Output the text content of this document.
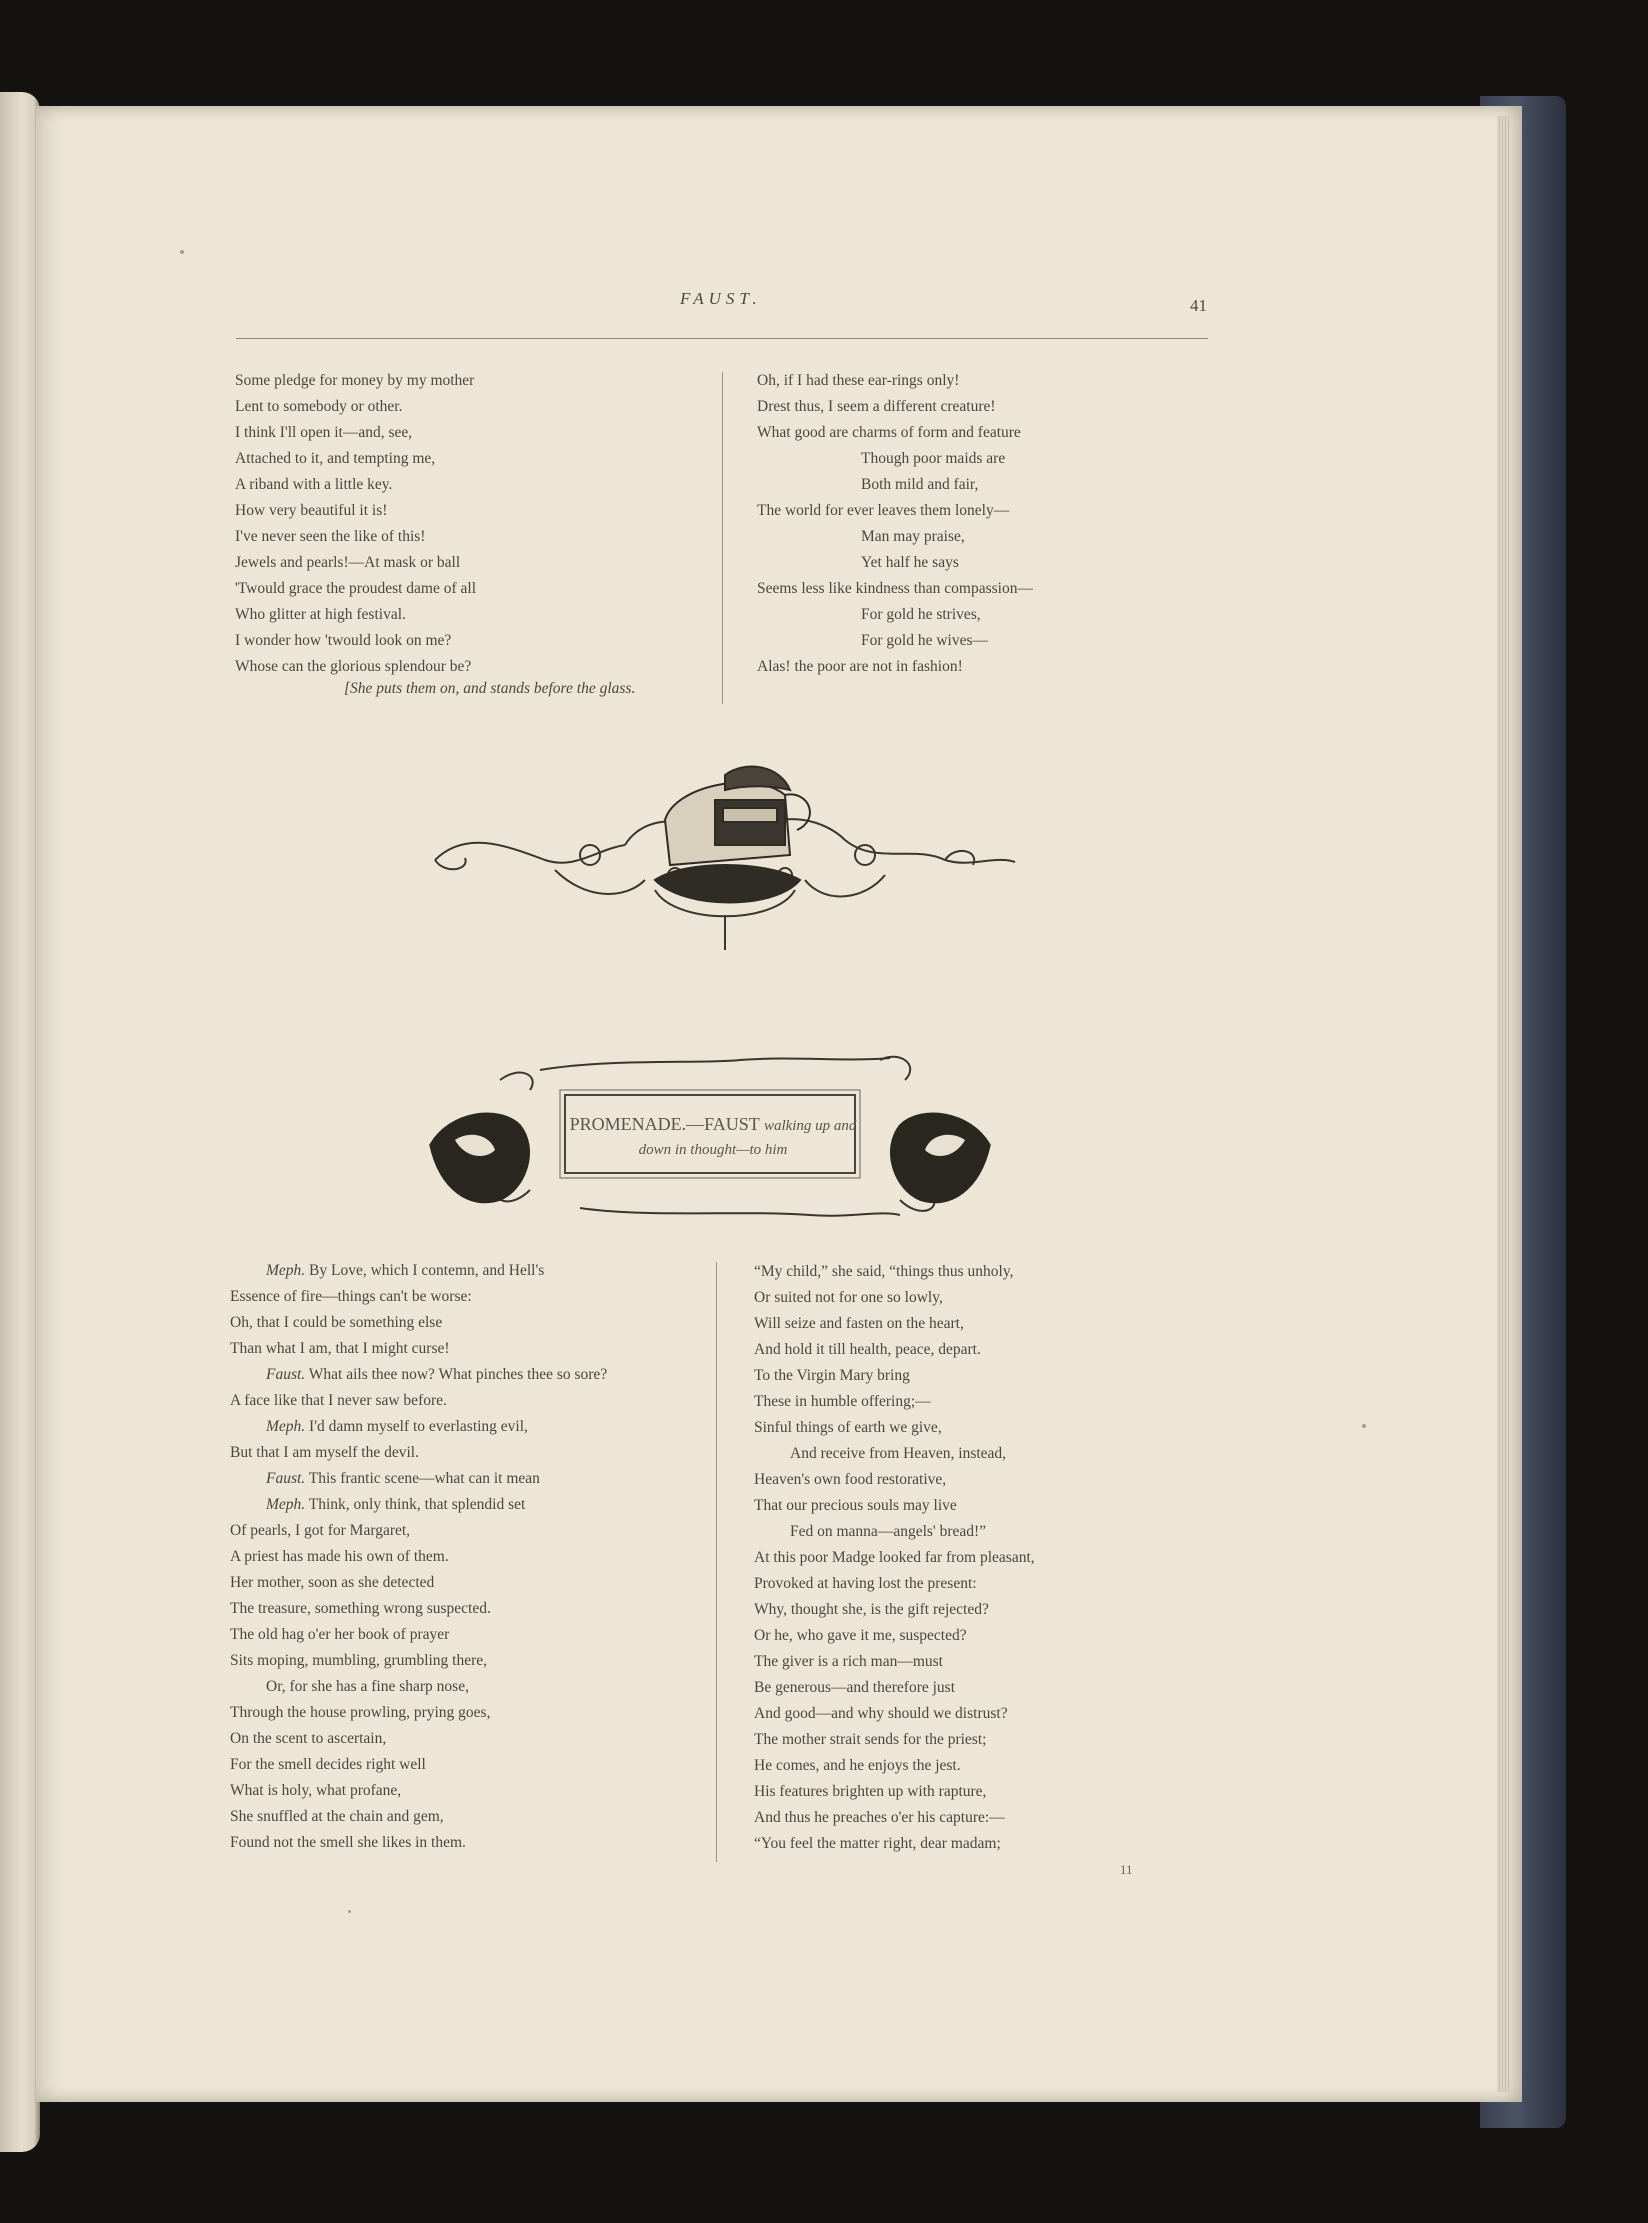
FAUST.	41
Some pledge for money by my mother
Lent to somebody or other.
I think I'll open it—and, see,
Attached to it, and tempting me,
A riband with a little key.
How very beautiful it is!
I've never seen the like of this!
Jewels and pearls!—At mask or ball
'Twould grace the proudest dame of all
Who glitter at high festival.
I wonder how 'twould look on me?
Whose can the glorious splendour be?
[She puts them on, and stands before the glass.
Oh, if I had these ear-rings only!
Drest thus, I seem a different creature!
What good are charms of form and feature
Though poor maids are
Both mild and fair,
The world for ever leaves them lonely—
Man may praise,
Yet half he says
Seems less like kindness than compassion—
For gold he strives,
For gold he wives—
Alas! the poor are not in fashion!
PROMENADE.—FAUST walking up and
down in thought—to him
Meph. By Love, which I contemn, and Hell's
Essence of fire—things can't be worse:
Oh, that I could be something else
Than what I am, that I might curse!
Faust. What ails thee now? What pinches thee so sore?
A face like that I never saw before.
Meph. I'd damn myself to everlasting evil,
But that I am myself the devil.
Faust. This frantic scene—what can it mean
Meph. Think, only think, that splendid set
Of pearls, I got for Margaret,
A priest has made his own of them.
Her mother, soon as she detected
The treasure, something wrong suspected.
The old hag o'er her book of prayer
Sits moping, mumbling, grumbling there,
Or, for she has a fine sharp nose,
Through the house prowling, prying goes,
On the scent to ascertain,
For the smell decides right well
What is holy, what profane,
She snuffled at the chain and gem,
Found not the smell she likes in them.
“My child,” she said, “things thus unholy,
Or suited not for one so lowly,
Will seize and fasten on the heart,
And hold it till health, peace, depart.
To the Virgin Mary bring
These in humble offering;—
Sinful things of earth we give,
And receive from Heaven, instead,
Heaven's own food restorative,
That our precious souls may live
Fed on manna—angels' bread!”
At this poor Madge looked far from pleasant,
Provoked at having lost the present:
Why, thought she, is the gift rejected?
Or he, who gave it me, suspected?
The giver is a rich man—must
Be generous—and therefore just
And good—and why should we distrust?
The mother strait sends for the priest;
He comes, and he enjoys the jest.
His features brighten up with rapture,
And thus he preaches o'er his capture:—
“You feel the matter right, dear madam;
11
